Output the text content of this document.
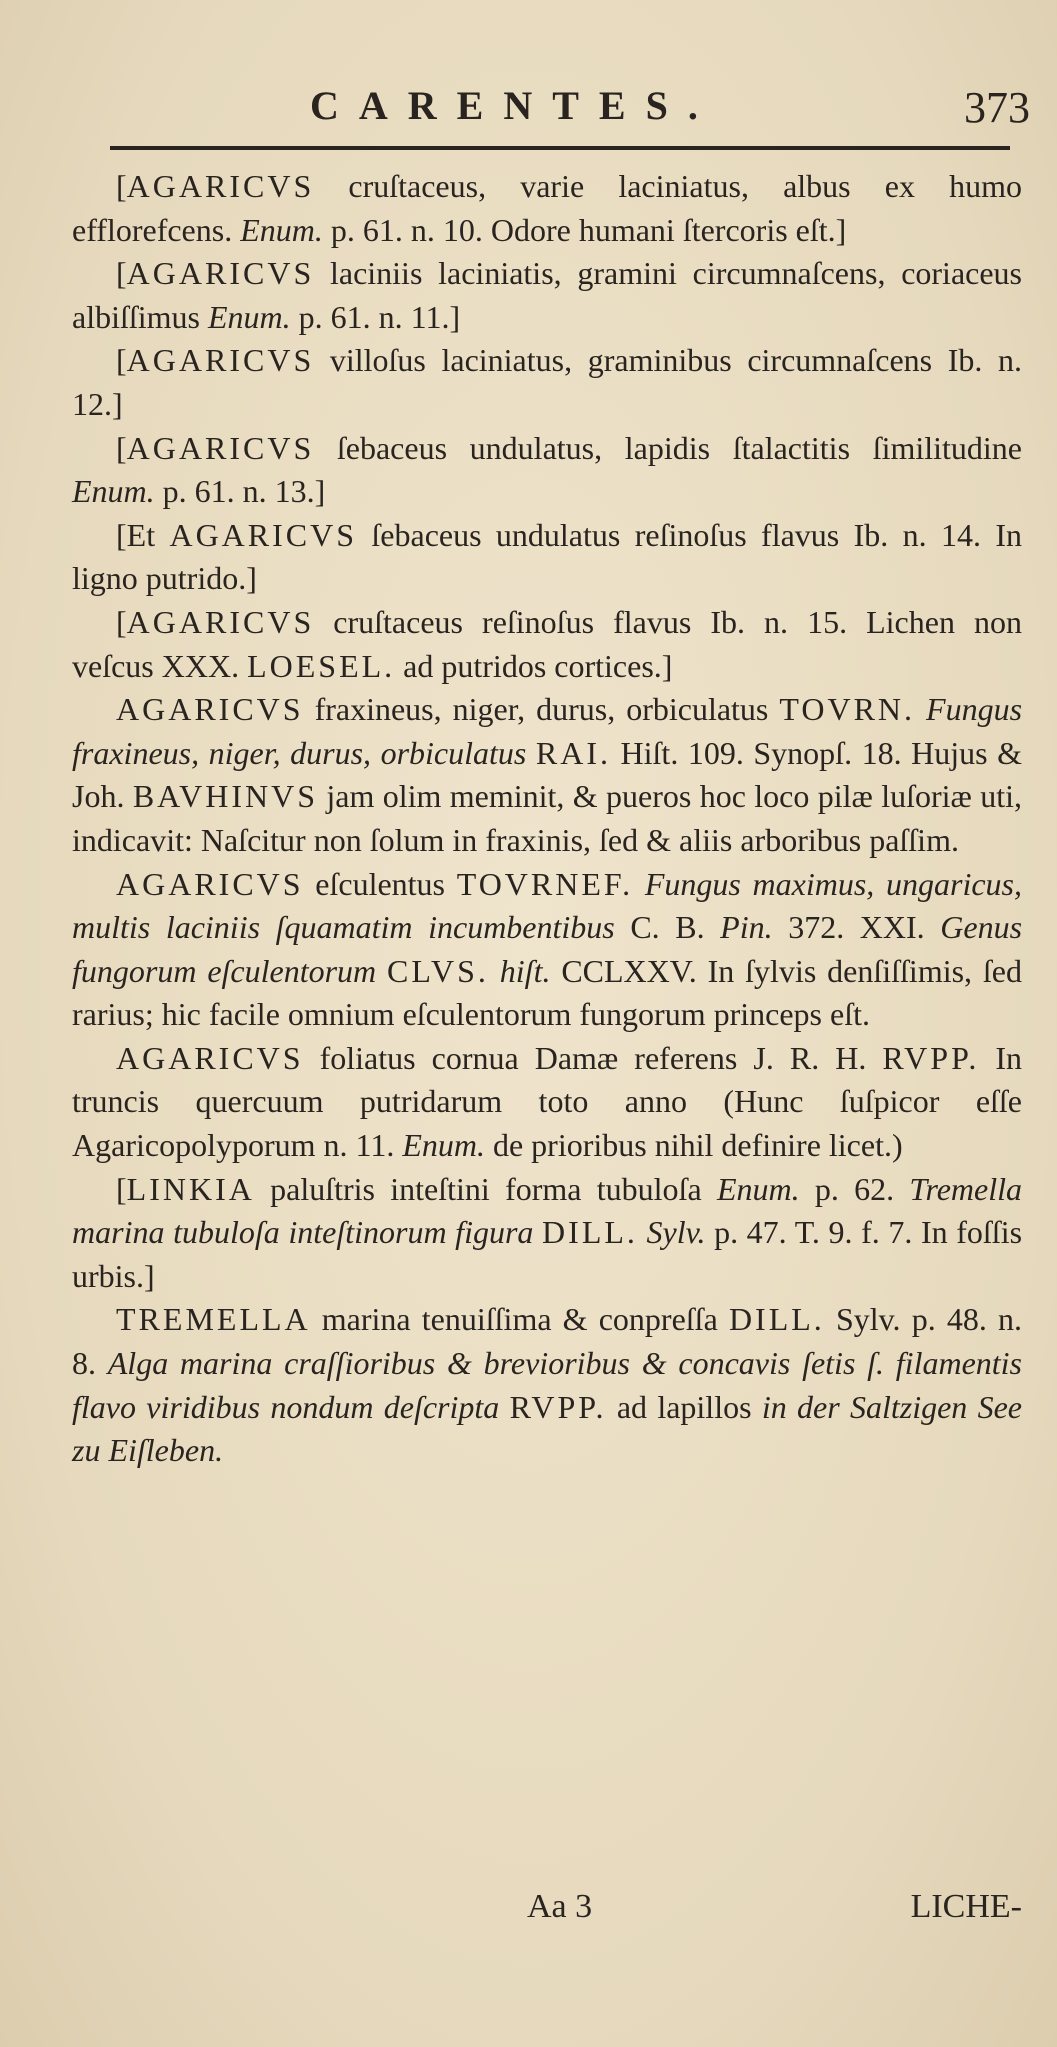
CARENTES.	373

[AGARICVS cruſtaceus, varie laciniatus, albus ex humo efflorefcens. Enum. p. 61. n. 10. Odore humani ſtercoris eſt.]

[AGARICVS laciniis laciniatis, gramini circumnaſcens, coriaceus albiſſimus Enum. p. 61. n. 11.]

[AGARICVS villoſus laciniatus, graminibus circumnaſcens Ib. n. 12.]

[AGARICVS ſebaceus undulatus, lapidis ſtalactitis ſimilitudine Enum. p. 61. n. 13.]

[Et AGARICVS ſebaceus undulatus reſinoſus flavus Ib. n. 14. In ligno putrido.]

[AGARICVS cruſtaceus reſinoſus flavus Ib. n. 15. Lichen non veſcus XXX. LOESEL. ad putridos cortices.]

AGARICVS fraxineus, niger, durus, orbiculatus TOVRN. Fungus fraxineus, niger, durus, orbiculatus RAI. Hiſt. 109. Synopſ. 18. Hujus & Joh. BAVHINVS jam olim meminit, & pueros hoc loco pilæ luſoriæ uti, indicavit: Naſcitur non ſolum in fraxinis, ſed & aliis arboribus paſſim.

AGARICVS eſculentus TOVRNEF. Fungus maximus, ungaricus, multis laciniis ſquamatim incumbentibus C. B. Pin. 372. XXI. Genus fungorum eſculentorum CLVS. hiſt. CCLXXV. In ſylvis denſiſſimis, ſed rarius; hic facile omnium eſculentorum fungorum princeps eſt.

AGARICVS foliatus cornua Damæ referens J. R. H. RVPP. In truncis quercuum putridarum toto anno (Hunc ſuſpicor eſſe Agaricopolyporum n. 11. Enum. de prioribus nihil definire licet.)

[LINKIA paluſtris inteſtini forma tubuloſa Enum. p. 62. Tremella marina tubuloſa inteſtinorum figura DILL. Sylv. p. 47. T. 9. f. 7. In foſſis urbis.]

TREMELLA marina tenuiſſima & conpreſſa DILL. Sylv. p. 48. n. 8. Alga marina craſſioribus & brevioribus & concavis ſetis ſ. filamentis flavo viridibus nondum deſcripta RVPP. ad lapillos in der Saltzigen See zu Eiſleben.

Aa 3	LICHE-
